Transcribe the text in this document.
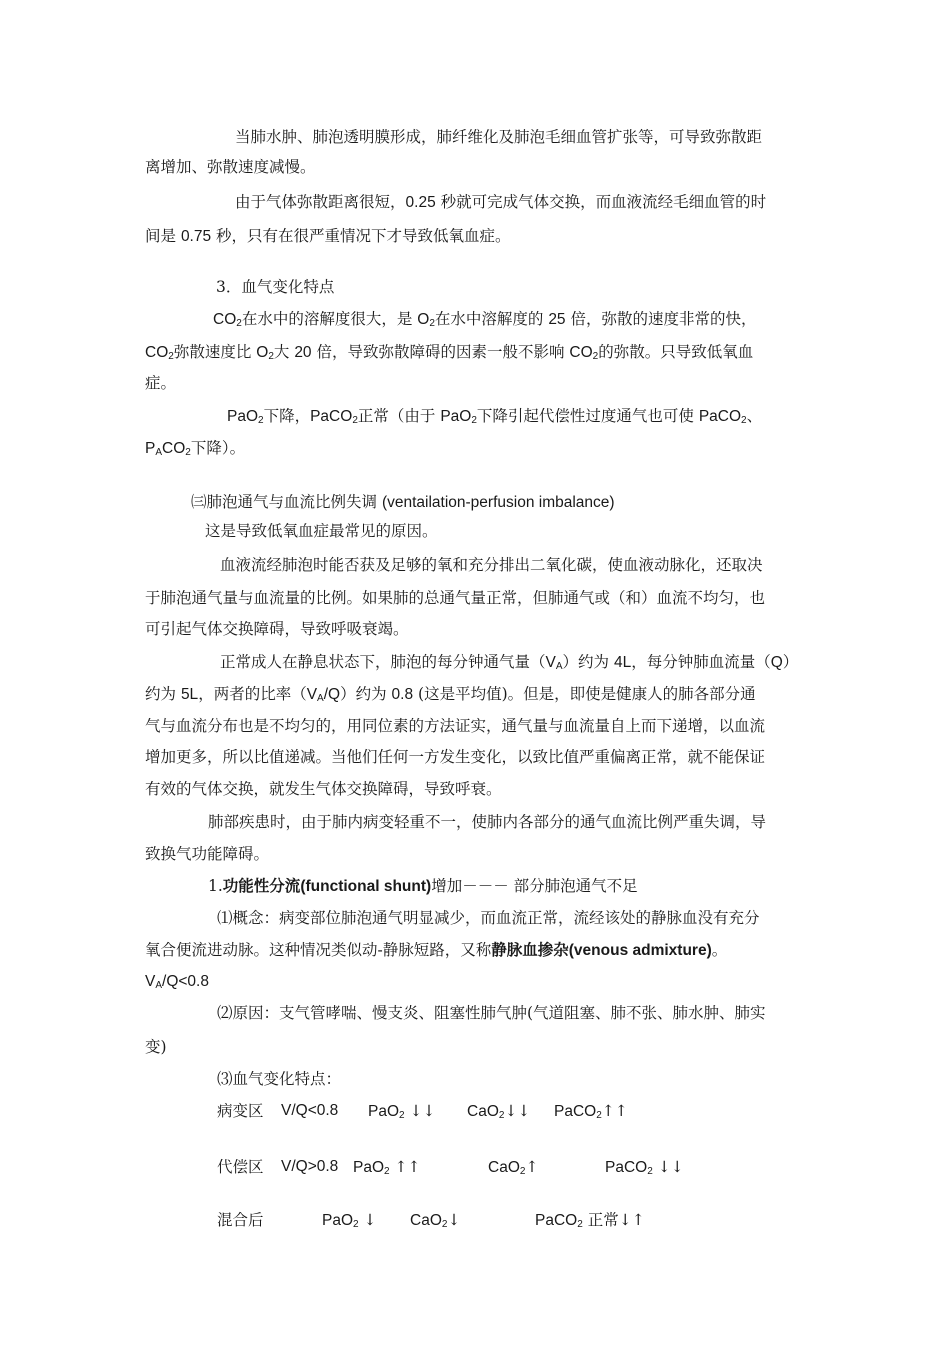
当肺水肿、肺泡透明膜形成，肺纤维化及肺泡毛细血管扩张等，可导致弥散距
离增加、弥散速度减慢。
由于气体弥散距离很短，0.25 秒就可完成气体交换，而血液流经毛细血管的时
间是 0.75 秒，只有在很严重情况下才导致低氧血症。
3．血气变化特点
$CO_2$在水中的溶解度很大，是 $O_2$在水中溶解度的 25 倍，弥散的速度非常的快，
$CO_2$弥散速度比 $O_2$大 20 倍，导致弥散障碍的因素一般不影响 $CO_2$的弥散。只导致低氧血
症。
PaO$_2$下降，PaCO$_2$正常（由于 PaO$_2$下降引起代偿性过度通气也可使 PaCO$_2$、
$P_ACO_2$下降）。
㈢肺泡通气与血流比例失调 (ventailation-perfusion imbalance)
这是导致低氧血症最常见的原因。
血液流经肺泡时能否获及足够的氧和充分排出二氧化碳，使血液动脉化，还取决
于肺泡通气量与血流量的比例。如果肺的总通气量正常，但肺通气或（和）血流不均匀，也
可引起气体交换障碍，导致呼吸衰竭。
正常成人在静息状态下，肺泡的每分钟通气量$(V_A)$约为 4L，每分钟肺血流量（Q）
约为 5L，两者的比率$(V_A/Q)$约为 0.8 (这是平均值)。但是，即使是健康人的肺各部分通
气与血流分布也是不均匀的，用同位素的方法证实，通气量与血流量自上而下递增，以血流
增加更多，所以比值递减。当他们任何一方发生变化，以致比值严重偏离正常，就不能保证
有效的气体交换，就发生气体交换障碍，导致呼衰。
肺部疾患时，由于肺内病变轻重不一，使肺内各部分的通气血流比例严重失调，导
致换气功能障碍。
1.功能性分流(functional shunt)增加－－－ 部分肺泡通气不足
⑴概念：病变部位肺泡通气明显减少，而血流正常，流经该处的静脉血没有充分
氧合便流进动脉。这种情况类似动-静脉短路，又称静脉血掺杂(venous admixture)。
$V_A/Q<0.8$
⑵原因：支气管哮喘、慢支炎、阻塞性肺气肿(气道阻塞、肺不张、肺水肿、肺实
变)
⑶血气变化特点：
病变区 V/Q<0.8 PaO$_2$ ↓↓ CaO$_2$↓↓ PaCO$_2$↑↑
代偿区 V/Q>0.8 PaO$_2$ ↑↑	CaO$_2$↑	PaCO$_2$ ↓↓
混合后	PaO$_2$ ↓ CaO$_2$↓	PaCO$_2$ 正常↓↑
